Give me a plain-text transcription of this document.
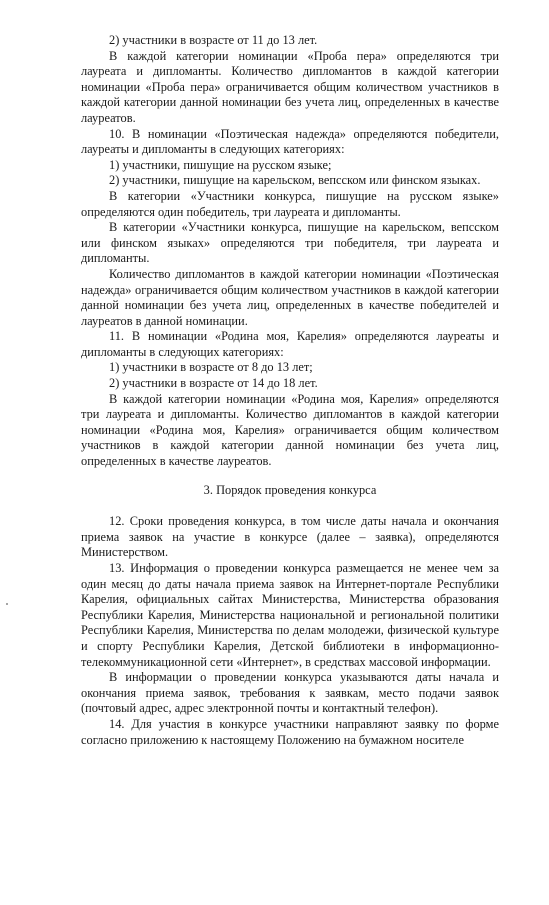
2) участники в возрасте от 11 до 13 лет.

В каждой категории номинации «Проба пера» определяются три лауреата и дипломанты. Количество дипломантов в каждой категории номинации «Проба пера» ограничивается общим количеством участников в каждой категории данной номинации без учета лиц, определенных в качестве лауреатов.

10. В номинации «Поэтическая надежда» определяются победители, лауреаты и дипломанты в следующих категориях:

1) участники, пишущие на русском языке;

2) участники, пишущие на карельском, вепсском или финском языках.

В категории «Участники конкурса, пишущие на русском языке» определяются один победитель, три лауреата и дипломанты.

В категории «Участники конкурса, пишущие на карельском, вепсском или финском языках» определяются три победителя, три лауреата и дипломанты.

Количество дипломантов в каждой категории номинации «Поэтическая надежда» ограничивается общим количеством участников в каждой категории данной номинации без учета лиц, определенных в качестве победителей и лауреатов в данной номинации.

11. В номинации «Родина моя, Карелия» определяются лауреаты и дипломанты в следующих категориях:

1) участники в возрасте от 8 до 13 лет;

2) участники в возрасте от 14 до 18 лет.

В каждой категории номинации «Родина моя, Карелия» определяются три лауреата и дипломанты. Количество дипломантов в каждой категории номинации «Родина моя, Карелия» ограничивается общим количеством участников в каждой категории данной номинации без учета лиц, определенных в качестве лауреатов.

3. Порядок проведения конкурса

12. Сроки проведения конкурса, в том числе даты начала и окончания приема заявок на участие в конкурсе (далее – заявка), определяются Министерством.

13. Информация о проведении конкурса размещается не менее чем за один месяц до даты начала приема заявок на Интернет-портале Республики Карелия, официальных сайтах Министерства, Министерства образования Республики Карелия, Министерства национальной и региональной политики Республики Карелия, Министерства по делам молодежи, физической культуре и спорту Республики Карелия, Детской библиотеки в информационно-телекоммуникационной сети «Интернет», в средствах массовой информации.

В информации о проведении конкурса указываются даты начала и окончания приема заявок, требования к заявкам, место подачи заявок (почтовый адрес, адрес электронной почты и контактный телефон).

14. Для участия в конкурсе участники направляют заявку по форме согласно приложению к настоящему Положению на бумажном носителе
